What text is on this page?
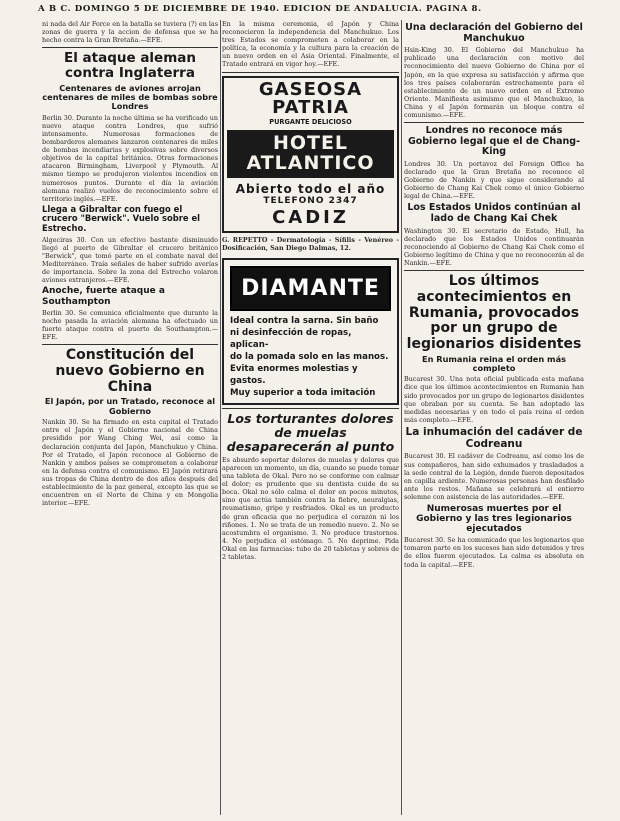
A B C. DOMINGO 5 DE DICIEMBRE DE 1940. EDICION DE ANDALUCIA. PAGINA 8.

ni nada del Air Force en la batalla se tuviera (?) en las zonas de guerra y la accion de defensa que se ha hecho contra la Gran Bretaña.—EFE.

El ataque aleman contra Inglaterra
Centenares de aviones arrojan centenares de miles de bombas sobre Londres

Berlin 30. Durante la noche última se ha verificado un nuevo ataque contra Londres, que sufrió intensamente. Numerosas formaciones de bombarderos alemanes lanzaron centenares de miles de bombas incendiarias y explosivas sobre diversos objetivos de la capital británica. Otras formaciones atacaron Birmingham, Liverpool y Plymouth. Al mismo tiempo se produjeron violentos incendios en numerosos puntos. Durante el día la aviación alemana realizó vuelos de reconocimiento sobre el territorio inglés.—EFE.

Llega a Gibraltar con fuego el crucero "Berwick". Vuelo sobre el Estrecho.

Algeciras 30. Con un efectivo bastante disminuido llegó al puerto de Gibraltar el crucero británico "Berwick", que tomó parte en el combate naval del Mediterráneo. Traía señales de haber sufrido averías de importancia. Sobre la zona del Estrecho volaron aviones extranjeros.—EFE.

Anoche, fuerte ataque a Southampton

Berlin 30. Se comunica oficialmente que durante la noche pasada la aviación alemana ha efectuado un fuerte ataque contra el puerto de Southampton.—EFE.

Constitución del nuevo Gobierno en China
El Japón, por un Tratado, reconoce al Gobierno

Nankin 30. Se ha firmado en esta capital el Tratado entre el Japón y el Gobierno nacional de China presidido por Wang Ching Wei, así como la declaración conjunta del Japón, Manchukuo y China. Por el Tratado, el Japón reconoce al Gobierno de Nankin y ambos países se comprometen a colaborar en la defensa contra el comunismo. El Japón retirará sus tropas de China dentro de dos años después del establecimiento de la paz general, excepto las que se encuentren en el Norte de China y en Mongolia interior.—EFE.

En la misma ceremonia, el Japón y China reconocieron la independencia del Manchukuo. Los tres Estados se comprometen a colaborar en la política, la economía y la cultura para la creación de un nuevo orden en el Asia Oriental. Finalmente, el Tratado entrará en vigor hoy.—EFE.

GASEOSA PATRIA
PURGANTE DELICIOSO
HOTEL ATLANTICO
Abierto todo el año
TELEFONO 2347
CADIZ

G. REPETTO - Dermatología - Sífilis - Venéreo - Dosificación, San Diego Dalmas, 12.

DIAMANTE
Ideal contra la sarna. Sin baño
ni desinfección de ropas, aplican-
do la pomada solo en las manos.
Evita enormes molestias y gastos.
Muy superior a toda imitación
Los torturantes dolores de muelas desaparecerán al punto

Es absurdo soportar dolores de muelas y dolores que aparecen un momento, un día, cuando se puede tomar una tableta de Okal. Pero no se conforme con calmar el dolor; es prudente que su dentista cuide de su boca. Okal no sólo calma el dolor en pocos minutos, sino que actúa también contra la fiebre, neuralgias, reumatismo, gripe y resfriados. Okal es un producto de gran eficacia que no perjudica el corazón ni los riñones. 1. No se trata de un remedio nuevo. 2. No se acostumbra el organismo. 3. No produce trastornos. 4. No perjudica el estómago. 5. No deprime. Pida Okal en las farmacias: tubo de 20 tabletas y sobres de 2 tabletas.

Una declaración del Gobierno del Manchukuo

Hsin-King 30. El Gobierno del Manchukuo ha publicado una declaración con motivo del reconocimiento del nuevo Gobierno de China por el Japón, en la que expresa su satisfacción y afirma que los tres países colaborarán estrechamente para el establecimiento de un nuevo orden en el Extremo Oriente. Manifiesta asimismo que el Manchukuo, la China y el Japón formarán un bloque contra el comunismo.—EFE.

Londres no reconoce más Gobierno legal que el de Chang-King

Londres 30. Un portavoz del Foreign Office ha declarado que la Gran Bretaña no reconoce el Gobierno de Nankin y que sigue considerando al Gobierno de Chang Kai Chek como el único Gobierno legal de China.—EFE.

Los Estados Unidos continúan al lado de Chang Kai Chek

Washington 30. El secretario de Estado, Hull, ha declarado que los Estados Unidos continuarán reconociendo al Gobierno de Chang Kai Chek como el Gobierno legítimo de China y que no reconocerán al de Nankin.—EFE.

Los últimos acontecimientos en Rumania, provocados por un grupo de legionarios disidentes
En Rumania reina el orden más completo

Bucarest 30. Una nota oficial publicada esta mañana dice que los últimos acontecimientos en Rumania han sido provocados por un grupo de legionarios disidentes que obraban por su cuenta. Se han adoptado las medidas necesarias y en todo el país reina el orden más completo.—EFE.

La inhumación del cadáver de Codreanu

Bucarest 30. El cadáver de Codreanu, así como los de sus compañeros, han sido exhumados y trasladados a la sede central de la Legión, donde fueron depositados en capilla ardiente. Numerosas personas han desfilado ante los restos. Mañana se celebrará el entierro solemne con asistencia de las autoridades.—EFE.

Numerosas muertes por el Gobierno y las tres legionarios ejecutados

Bucarest 30. Se ha comunicado que los legionarios que tomaron parte en los sucesos han sido detenidos y tres de ellos fueron ejecutados. La calma es absoluta en toda la capital.—EFE.
